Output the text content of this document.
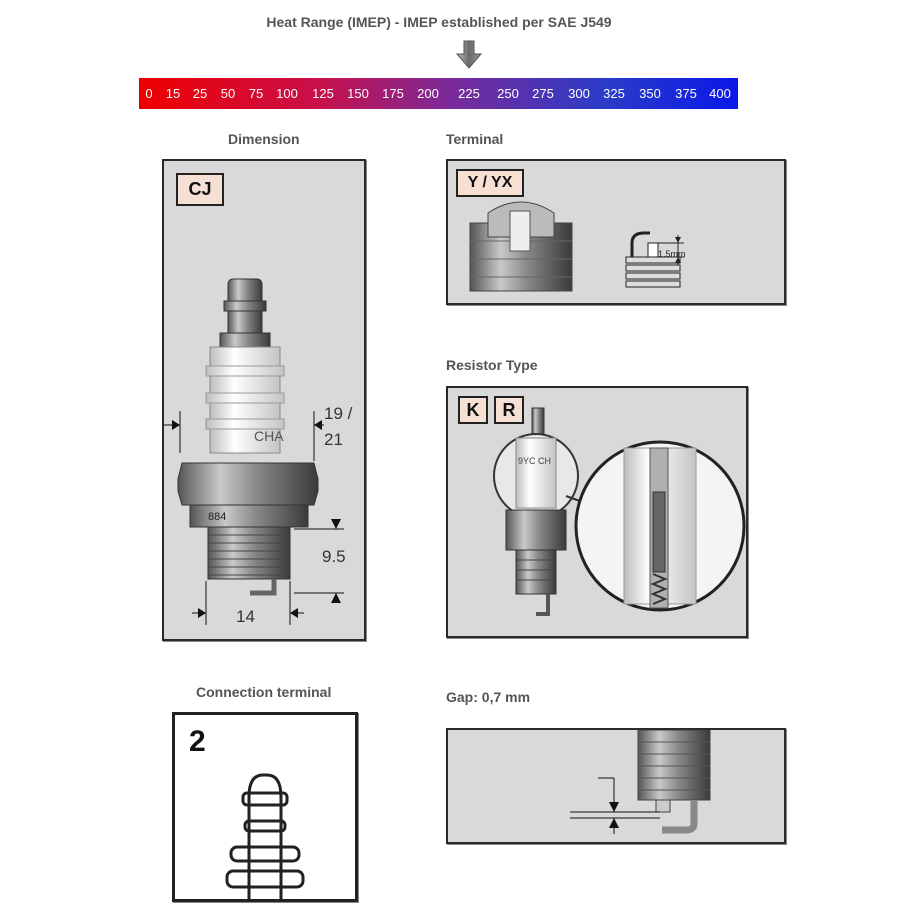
Heat Range (IMEP) - IMEP established per SAE J549
0 15 25 50 75 100 125 150 175 200 225 250 275 300 325 350 375 400
Dimension	Terminal
Resistor Type
Connection terminal	Gap: 0,7 mm
CJ
CHA
884
19 / 21
9.5
14
Y / YX
1.5mm
K	R
9YC CH
2
